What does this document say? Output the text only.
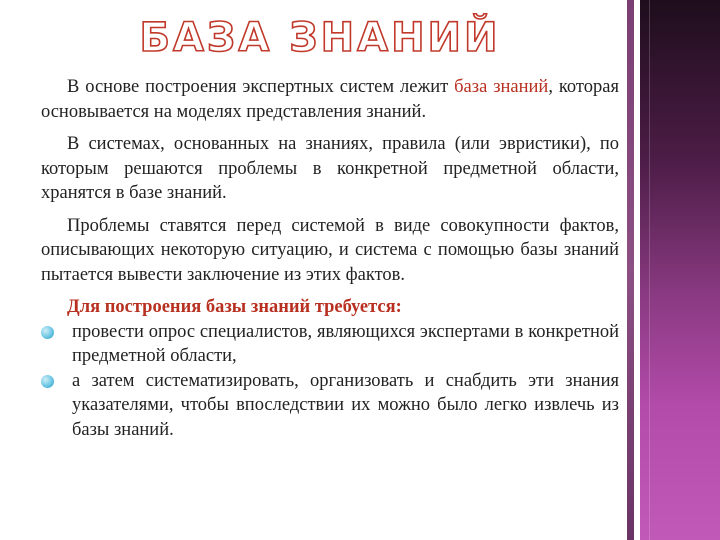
БАЗА ЗНАНИЙ

В основе построения экспертных систем лежит база знаний, которая основывается на моделях представления знаний.

В системах, основанных на знаниях, правила (или эвристики), по которым решаются проблемы в конкретной предметной области, хранятся в базе знаний.

Проблемы ставятся перед системой в виде совокупности фактов, описывающих некоторую ситуацию, и система с помощью базы знаний пытается вывести заключение из этих фактов.

Для построения базы знаний требуется:

провести опрос специалистов, являющихся экспертами в конкретной предметной области,
а затем систематизировать, организовать и снабдить эти знания указателями, чтобы впоследствии их можно было легко извлечь из базы знаний.
